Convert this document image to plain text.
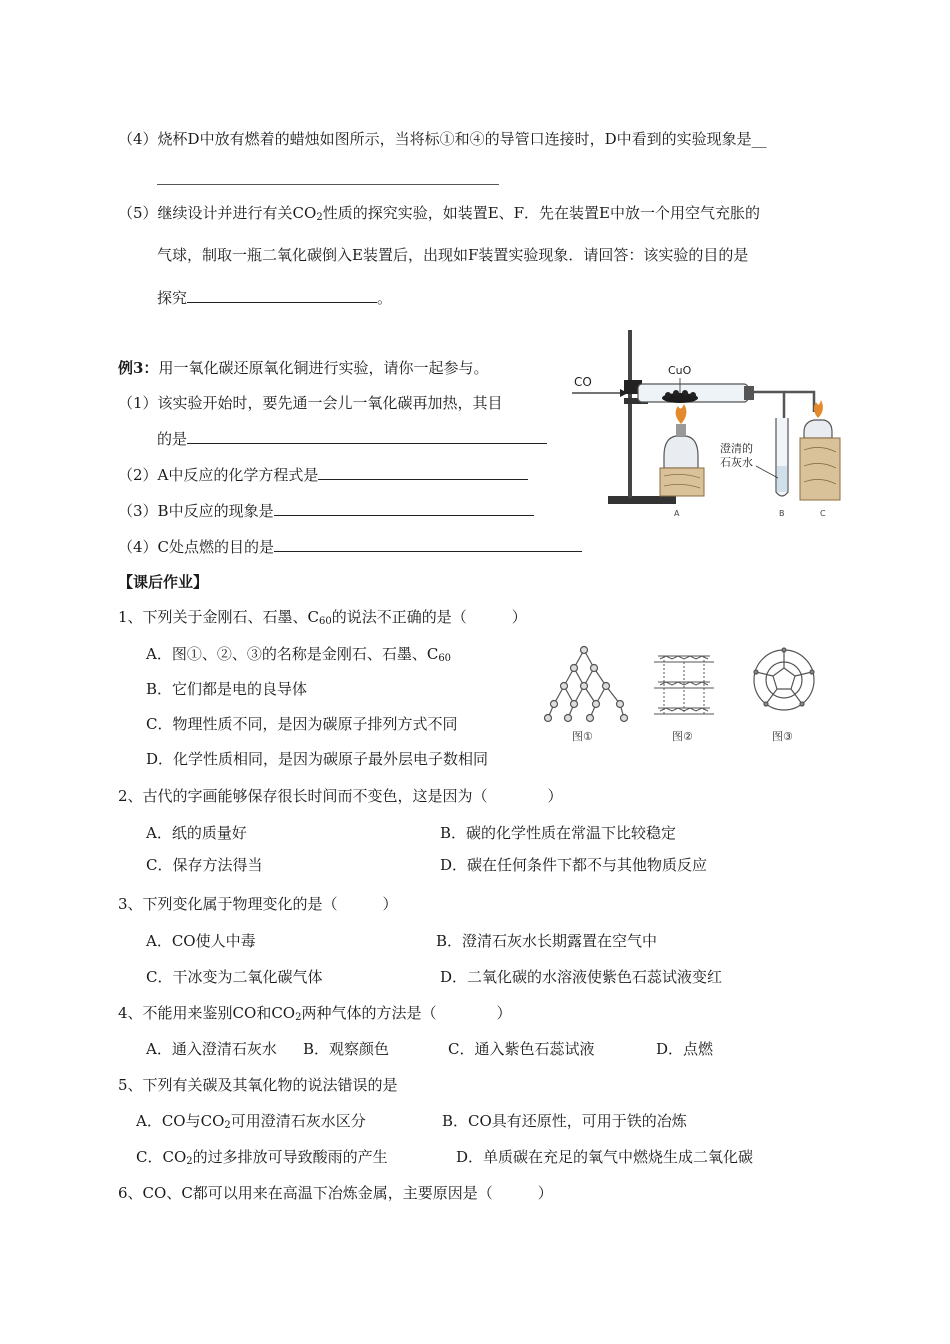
（4）烧杯D中放有燃着的蜡烛如图所示，当将标①和④的导管口连接时，D中看到的实验现象是__
（5）继续设计并进行有关$CO_2$性质的探究实验，如装置E、F．先在装置E中放一个用空气充胀的
气球，制取一瓶二氧化碳倒入E装置后，出现如F装置实验现象．请回答：该实验的目的是
探究	。
例3：用一氧化碳还原氧化铜进行实验，请你一起参与。
（1）该实验开始时，要先通一会儿一氧化碳再加热，其目
的是
（2）A中反应的化学方程式是
（3）B中反应的现象是
（4）C处点燃的目的是
CO
CuO
澄清的
石灰水
A	B	C
【课后作业】
1、下列关于金刚石、石墨、$C_{60}$的说法不正确的是（　　　）
A．图①、②、③的名称是金刚石、石墨、$C_{60}$
B．它们都是电的良导体
C．物理性质不同，是因为碳原子排列方式不同
D．化学性质相同，是因为碳原子最外层电子数相同
图①	图②	图③
2、古代的字画能够保存很长时间而不变色，这是因为（　　　　）
A．纸的质量好	B．碳的化学性质在常温下比较稳定
C．保存方法得当	D．碳在任何条件下都不与其他物质反应
3、下列变化属于物理变化的是（　　　）
A．CO使人中毒	B．澄清石灰水长期露置在空气中
C．干冰变为二氧化碳气体	D．二氧化碳的水溶液使紫色石蕊试液变红
4、不能用来鉴别CO和$CO_2$两种气体的方法是（　　　　）
A．通入澄清石灰水 B．观察颜色	C．通入紫色石蕊试液	D．点燃
5、下列有关碳及其氧化物的说法错误的是
A．CO与$CO_2$可用澄清石灰水区分	B．CO具有还原性，可用于铁的冶炼
C．$CO_2$的过多排放可导致酸雨的产生	D．单质碳在充足的氧气中燃烧生成二氧化碳
6、CO、C都可以用来在高温下冶炼金属，主要原因是（　　　）
